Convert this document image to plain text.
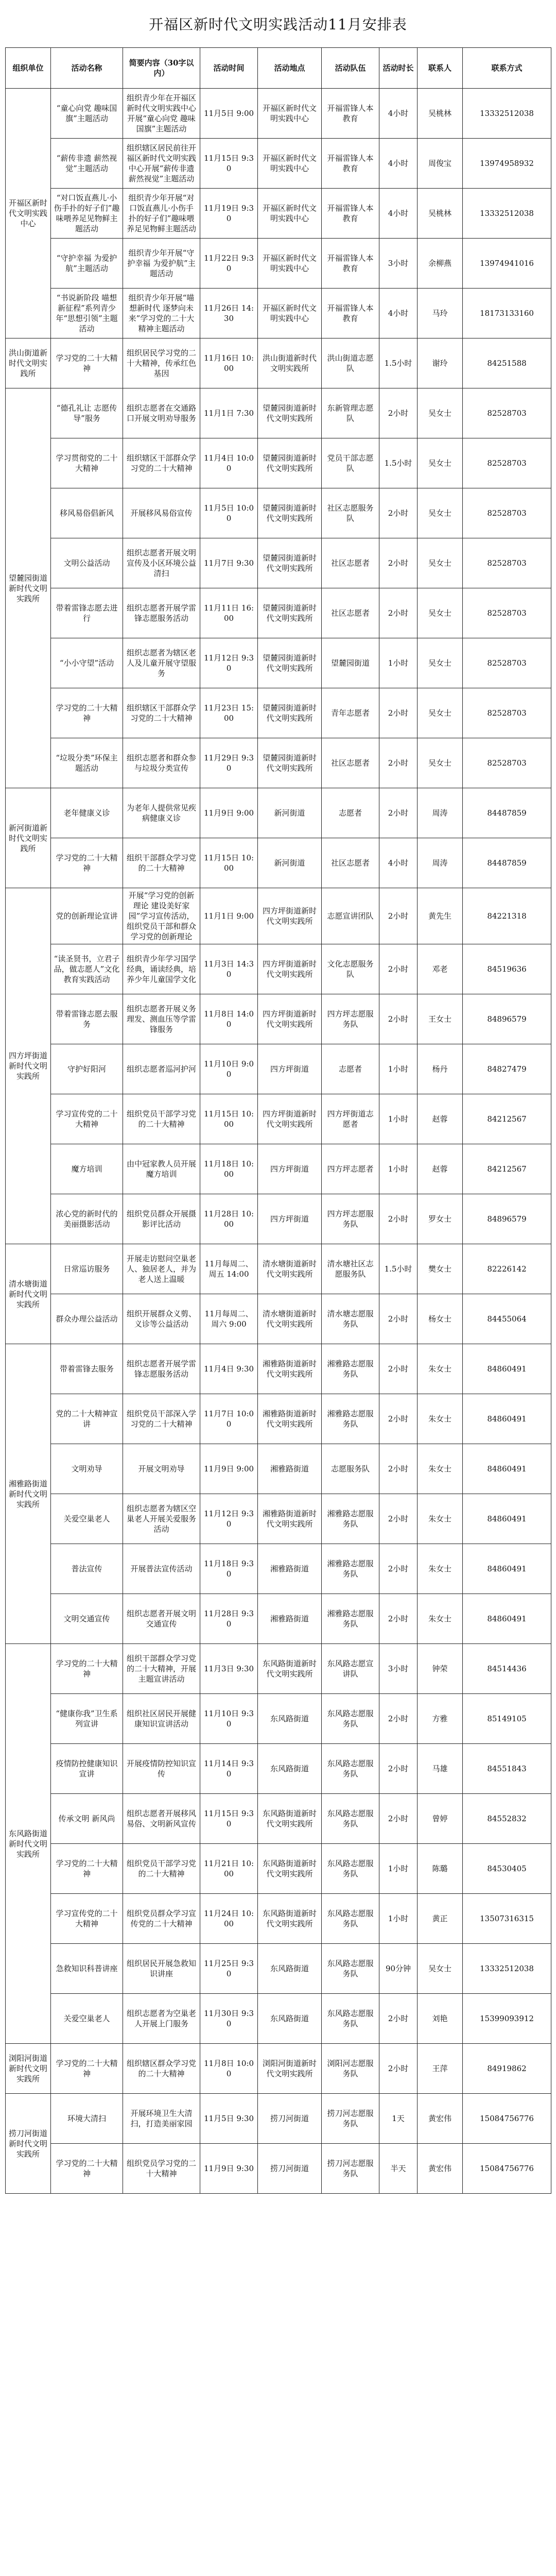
开福区新时代文明实践活动11月安排表
组织单位	活动名称	简要内容（30字以内）	活动时间	活动地点	活动队伍	活动时长	联系人	联系方式
开福区新时代文明实践中心	“童心向党 趣味国旗”主题活动	组织青少年在开福区新时代文明实践中心开展“童心向党 趣味国旗”主题活动	11月5日 9:00	开福区新时代文明实践中心	开福雷锋人本教育	4小时	吴桃林	13332512038
	“薪传非遗 薪然视觉”主题活动	组织辖区居民前往开福区新时代文明实践中心开展“薪传非遗 薪然视觉”主题活动	11月15日 9:30	开福区新时代文明实践中心	开福雷锋人本教育	4小时	周俊宝	13974958932
	“对口饭直燕儿·小伤手扑的好子们”趣味喂养足见物鲜主题活动	组织青少年开展“对口饭直燕儿·小伤手扑的好子们”趣味喂养足见物鲜主题活动	11月19日 9:30	开福区新时代文明实践中心	开福雷锋人本教育	4小时	吴桃林	13332512038
	“守护幸福 为爱护航”主题活动	组织青少年开展“守护幸福 为爱护航”主题活动	11月22日 9:30	开福区新时代文明实践中心	开福雷锋人本教育	3小时	余柳燕	13974941016
	“书说新阶段 喵想新征程”系列青少年“思想引领”主题活动	组织青少年开展“喵想新时代 逐梦向未来”学习党的二十大精神主题活动	11月26日 14:30	开福区新时代文明实践中心	开福雷锋人本教育	4小时	马玲	18173133160
洪山街道新时代文明实践所	学习党的二十大精神	组织居民学习党的二十大精神，传承红色基因	11月16日 10:00	洪山街道新时代文明实践所	洪山街道志愿队	1.5小时	谢玲	84251588
望麓园街道新时代文明实践所	“德孔礼让 志愿传导”服务	组织志愿者在交通路口开展文明劝导服务	11月1日 7:30	望麓园街道新时代文明实践所	东新管理志愿队	2小时	吴女士	82528703
	学习贯彻党的二十大精神	组织辖区干部群众学习党的二十大精神	11月4日 10:00	望麓园街道新时代文明实践所	党员干部志愿队	1.5小时	吴女士	82528703
	移风易俗倡新风	开展移风易俗宣传	11月5日 10:00	望麓园街道新时代文明实践所	社区志愿服务队	2小时	吴女士	82528703
	文明公益活动	组织志愿者开展文明宣传及小区环境公益清扫	11月7日 9:30	望麓园街道新时代文明实践所	社区志愿者	2小时	吴女士	82528703
	带着雷锋志愿去进行	组织志愿者开展学雷锋志愿服务活动	11月11日 16:00	望麓园街道新时代文明实践所	社区志愿者	2小时	吴女士	82528703
	“小小守望”活动	组织志愿者为辖区老人及儿童开展守望服务	11月12日 9:30	望麓园街道新时代文明实践所	望麓园街道	1小时	吴女士	82528703
	学习党的二十大精神	组织辖区干部群众学习党的二十大精神	11月23日 15:00	望麓园街道新时代文明实践所	青年志愿者	2小时	吴女士	82528703
	“垃圾分类”环保主题活动	组织志愿者和群众参与垃圾分类宣传	11月29日 9:30	望麓园街道新时代文明实践所	社区志愿者	2小时	吴女士	82528703
新河街道新时代文明实践所	老年健康义诊	为老年人提供常见疾病健康义诊	11月9日 9:00	新河街道	志愿者	2小时	周涛	84487859
	学习党的二十大精神	组织干部群众学习党的二十大精神	11月15日 10:00	新河街道	社区志愿者	4小时	周涛	84487859
四方坪街道新时代文明实践所	党的创新理论宣讲	开展“学习党的创新理论 建设美好家园”学习宣传活动，组织党员干部和群众学习党的创新理论	11月1日 9:00	四方坪街道新时代文明实践所	志愿宣讲团队	2小时	黄先生	84221318
	“读圣贤书，立君子品，做志愿人”文化教育实践活动	组织青少年学习国学经典，诵读经典，培养少年儿童国学文化	11月3日 14:30	四方坪街道新时代文明实践所	文化志愿服务队	2小时	邓老	84519636
	带着雷锋志愿去服务	组织志愿者开展义务理发、测血压等学雷锋服务	11月8日 14:00	四方坪街道新时代文明实践所	四方坪志愿服务队	2小时	王女士	84896579
	守护好阳河	组织志愿者巡河护河	11月10日 9:00	四方坪街道	志愿者	1小时	杨丹	84827479
	学习宣传党的二十大精神	组织党员干部学习党的二十大精神	11月15日 10:00	四方坪街道新时代文明实践所	四方坪街道志愿者	1小时	赵蓉	84212567
	魔方培训	由中冠家教人员开展魔方培训	11月18日 10:00	四方坪街道	四方坪志愿者	1小时	赵蓉	84212567
	浓心党的新时代的美丽摄影活动	组织党员群众开展摄影评比活动	11月28日 10:00	四方坪街道	四方坪志愿服务队	2小时	罗女士	84896579
清水塘街道新时代文明实践所	日常巡访服务	开展走访慰问空巢老人、独居老人，并为老人送上温暖	11月每周二、周五 14:00	清水塘街道新时代文明实践所	清水塘社区志愿服务队	1.5小时	樊女士	82226142
	群众办理公益活动	组织开展群众义剪、义诊等公益活动	11月每周二、周六 9:00	清水塘街道新时代文明实践所	清水塘志愿服务队	2小时	杨女士	84455064
湘雅路街道新时代文明实践所	带着雷锋去服务	组织志愿者开展学雷锋志愿服务活动	11月4日 9:30	湘雅路街道新时代文明实践所	湘雅路志愿服务队	2小时	朱女士	84860491
	党的二十大精神宣讲	组织党员干部深入学习党的二十大精神	11月7日 10:00	湘雅路街道新时代文明实践所	湘雅路志愿服务队	2小时	朱女士	84860491
	文明劝导	开展文明劝导	11月9日 9:00	湘雅路街道	志愿服务队	2小时	朱女士	84860491
	关爱空巢老人	组织志愿者为辖区空巢老人开展关爱服务活动	11月12日 9:30	湘雅路街道新时代文明实践所	湘雅路志愿服务队	2小时	朱女士	84860491
	普法宣传	开展普法宣传活动	11月18日 9:30	湘雅路街道	湘雅路志愿服务队	2小时	朱女士	84860491
	文明交通宣传	组织志愿者开展文明交通宣传	11月28日 9:30	湘雅路街道	湘雅路志愿服务队	2小时	朱女士	84860491
东风路街道新时代文明实践所	学习党的二十大精神	组织干部群众学习党的二十大精神，开展主题宣讲活动	11月3日 9:30	东风路街道新时代文明实践所	东风路志愿宣讲队	3小时	钟荣	84514436
	“健康你我”卫生系列宣讲	组织社区居民开展健康知识宣讲活动	11月10日 9:30	东风路街道	东风路志愿服务队	2小时	方雅	85149105
	疫情防控健康知识宣讲	开展疫情防控知识宣传	11月14日 9:30	东风路街道	东风路志愿服务队	2小时	马雄	84551843
	传承文明 新风尚	组织志愿者开展移风易俗、文明新风宣传	11月15日 9:30	东风路街道新时代文明实践所	东风路志愿服务队	2小时	曾婷	84552832
	学习党的二十大精神	组织党员干部学习党的二十大精神	11月21日 10:00	东风路街道新时代文明实践所	东风路志愿服务队	1小时	陈璐	84530405
	学习宣传党的二十大精神	组织党员群众学习宣传党的二十大精神	11月24日 10:00	东风路街道新时代文明实践所	东风路志愿服务队	1小时	黄正	13507316315
	急救知识科普讲座	组织居民开展急救知识讲座	11月25日 9:30	东风路街道	东风路志愿服务队	90分钟	吴女士	13332512038
	关爱空巢老人	组织志愿者为空巢老人开展上门服务	11月30日 9:30	东风路街道	东风路志愿服务队	2小时	刘艳	15399093912
浏阳河街道新时代文明实践所	学习党的二十大精神	组织辖区群众学习党的二十大精神	11月8日 10:00	浏阳河街道新时代文明实践所	浏阳河志愿服务队	2小时	王萍	84919862
捞刀河街道新时代文明实践所	环境大清扫	开展环境卫生大清扫，打造美丽家园	11月5日 9:30	捞刀河街道	捞刀河志愿服务队	1天	黄宏伟	15084756776
	学习党的二十大精神	组织党员学习党的二十大精神	11月9日 9:30	捞刀河街道	捞刀河志愿服务队	半天	黄宏伟	15084756776
